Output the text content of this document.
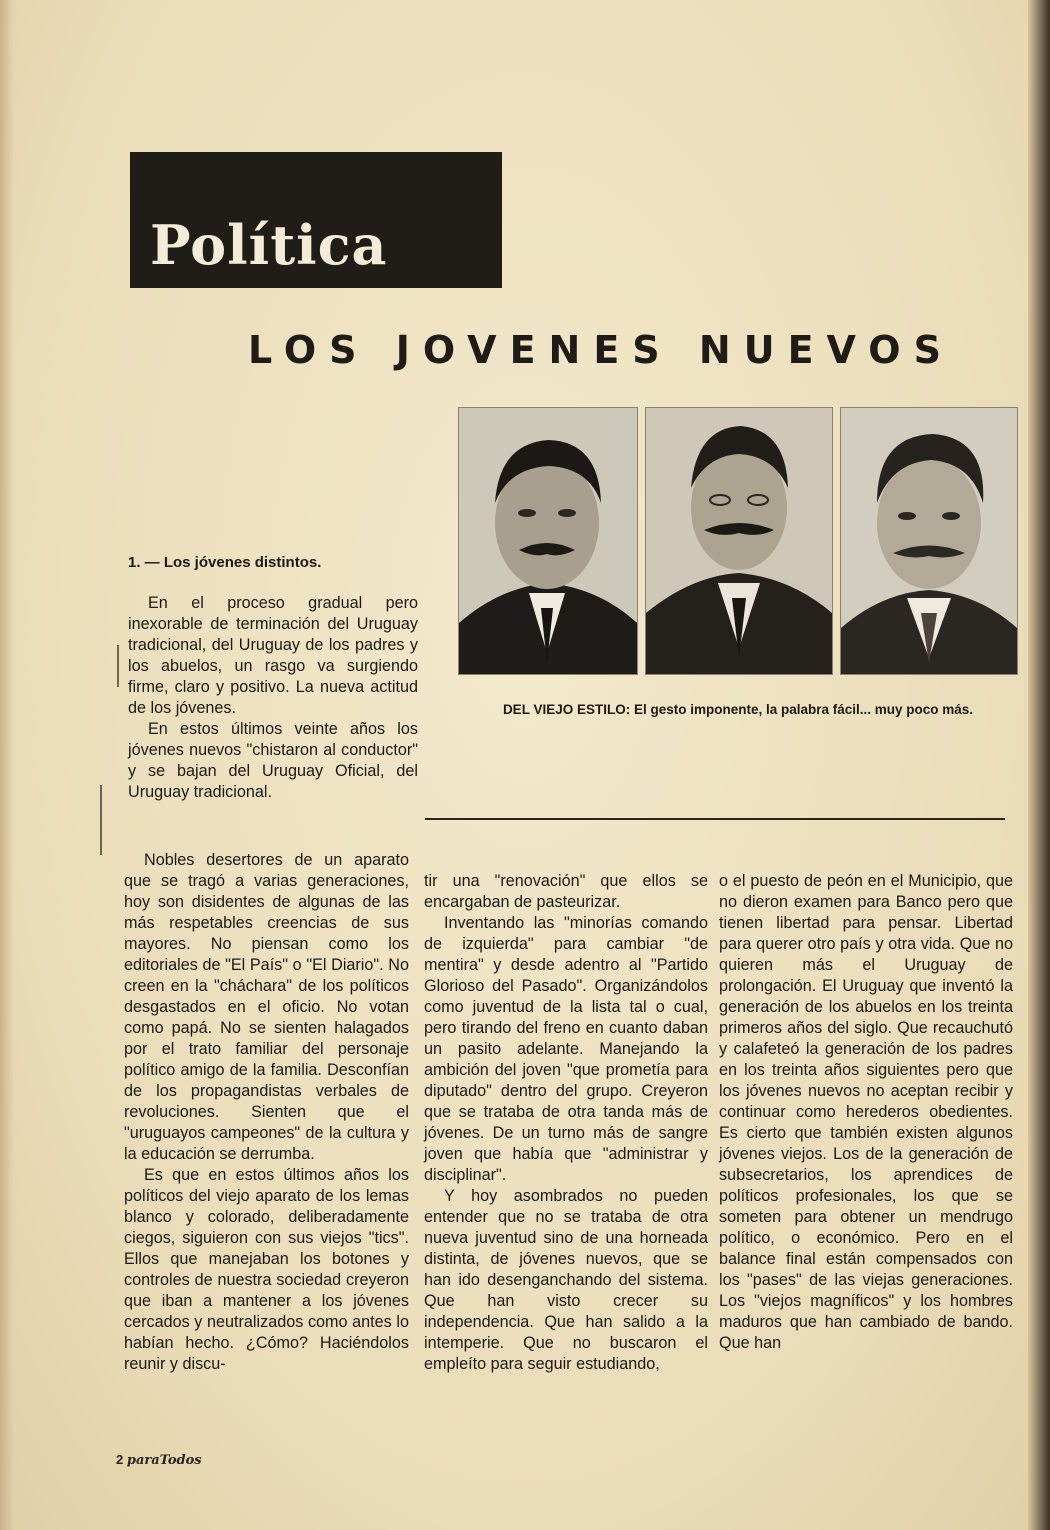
Política
LOS JOVENES NUEVOS
DEL VIEJO ESTILO: El gesto imponente, la palabra fácil... muy poco más.
1. — Los jóvenes distintos.

En el proceso gradual pero inexorable de terminación del Uruguay tradicional, del Uruguay de los padres y los abuelos, un rasgo va surgiendo firme, claro y positivo. La nueva actitud de los jóvenes.

En estos últimos veinte años los jóvenes nuevos "chistaron al conductor" y se bajan del Uruguay Oficial, del Uruguay tradicional.

Nobles desertores de un aparato que se tragó a varias generaciones, hoy son disidentes de algunas de las más respetables creencias de sus mayores. No piensan como los editoriales de "El País" o "El Diario". No creen en la "cháchara" de los políticos desgastados en el oficio. No votan como papá. No se sienten halagados por el trato familiar del personaje político amigo de la familia. Desconfían de los propagandistas verbales de revoluciones. Sienten que el "uruguayos campeones" de la cultura y la educación se derrumba.

Es que en estos últimos años los políticos del viejo aparato de los lemas blanco y colorado, deliberadamente ciegos, siguieron con sus viejos "tics". Ellos que manejaban los botones y controles de nuestra sociedad creyeron que iban a mantener a los jóvenes cercados y neutralizados como antes lo habían hecho. ¿Cómo? Haciéndolos reunir y discu-

tir una "renovación" que ellos se encargaban de pasteurizar.

Inventando las "minorías comando de izquierda" para cambiar "de mentira" y desde adentro al "Partido Glorioso del Pasado". Organizándolos como juventud de la lista tal o cual, pero tirando del freno en cuanto daban un pasito adelante. Manejando la ambición del joven "que prometía para diputado" dentro del grupo. Creyeron que se trataba de otra tanda más de jóvenes. De un turno más de sangre joven que había que "administrar y disciplinar".

Y hoy asombrados no pueden entender que no se trataba de otra nueva juventud sino de una horneada distinta, de jóvenes nuevos, que se han ido desenganchando del sistema. Que han visto crecer su independencia. Que han salido a la intemperie. Que no buscaron el empleíto para seguir estudiando,

o el puesto de peón en el Municipio, que no dieron examen para Banco pero que tienen libertad para pensar. Libertad para querer otro país y otra vida. Que no quieren más el Uruguay de prolongación. El Uruguay que inventó la generación de los abuelos en los treinta primeros años del siglo. Que recauchutó y calafeteó la generación de los padres en los treinta años siguientes pero que los jóvenes nuevos no aceptan recibir y continuar como herederos obedientes. Es cierto que también existen algunos jóvenes viejos. Los de la generación de subsecretarios, los aprendices de políticos profesionales, los que se someten para obtener un mendrugo político, o económico. Pero en el balance final están compensados con los "pases" de las viejas generaciones. Los "viejos magníficos" y los hombres maduros que han cambiado de bando. Que han

2 paraTodos
